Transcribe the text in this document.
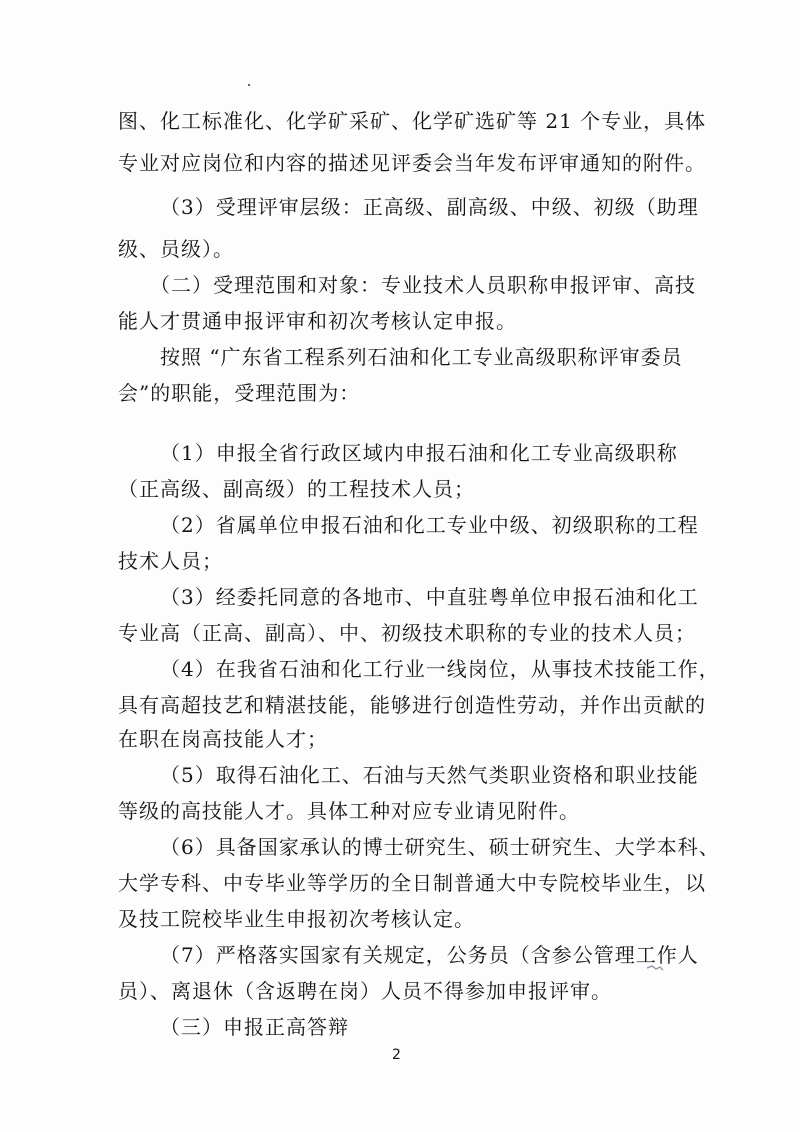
图、化工标准化、化学矿采矿、化学矿选矿等 21 个专业，具体
专业对应岗位和内容的描述见评委会当年发布评审通知的附件。
（3）受理评审层级：正高级、副高级、中级、初级（助理
级、员级）。
（二）受理范围和对象：专业技术人员职称申报评审、高技
能人才贯通申报评审和初次考核认定申报。
按照 “广东省工程系列石油和化工专业高级职称评审委员
会”的职能，受理范围为：
（1）申报全省行政区域内申报石油和化工专业高级职称
（正高级、副高级）的工程技术人员；
（2）省属单位申报石油和化工专业中级、初级职称的工程
技术人员；
（3）经委托同意的各地市、中直驻粤单位申报石油和化工
专业高（正高、副高）、中、初级技术职称的专业的技术人员；
（4）在我省石油和化工行业一线岗位，从事技术技能工作，
具有高超技艺和精湛技能，能够进行创造性劳动，并作出贡献的
在职在岗高技能人才；
（5）取得石油化工、石油与天然气类职业资格和职业技能
等级的高技能人才。具体工种对应专业请见附件。
（6）具备国家承认的博士研究生、硕士研究生、大学本科、
大学专科、中专毕业等学历的全日制普通大中专院校毕业生，以
及技工院校毕业生申报初次考核认定。
（7）严格落实国家有关规定，公务员（含参公管理工作人
员）、离退休（含返聘在岗）人员不得参加申报评审。
（三）申报正高答辩
2
